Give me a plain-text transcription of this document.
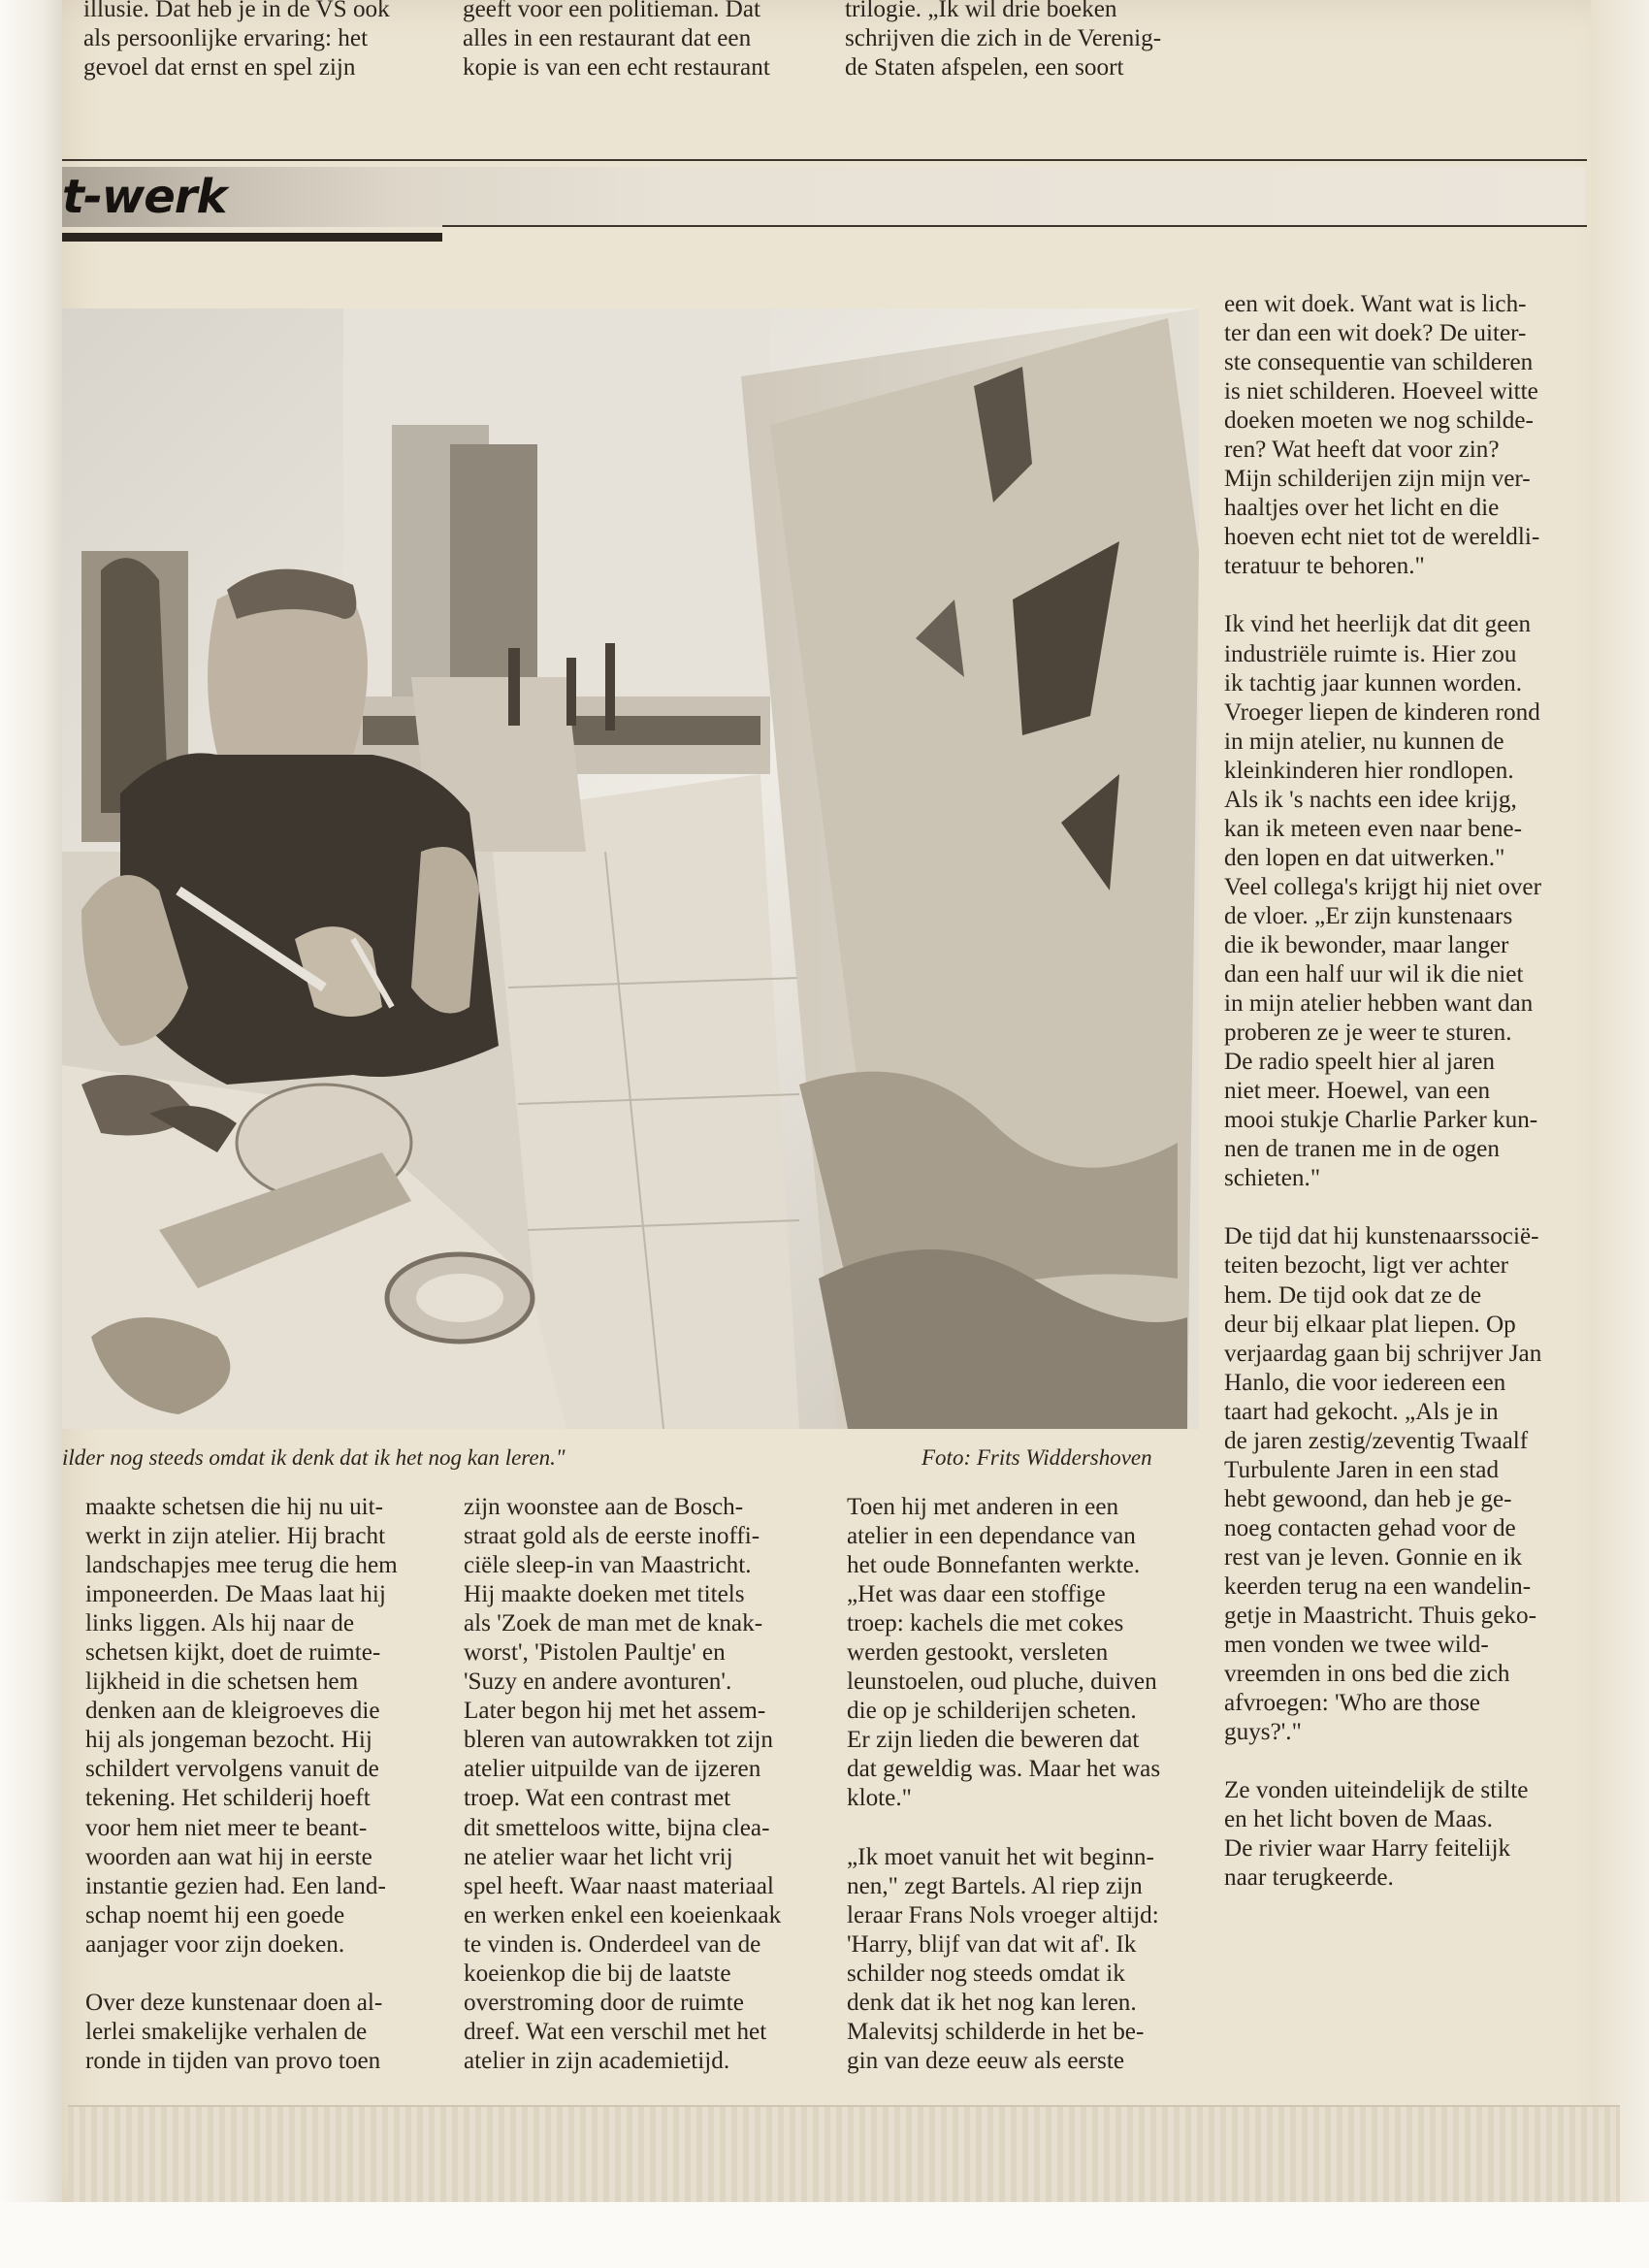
illusie. Dat heb je in de VS ook
als persoonlijke ervaring: het
gevoel dat ernst en spel zijn
geeft voor een politieman. Dat
alles in een restaurant dat een
kopie is van een echt restaurant
trilogie. „Ik wil drie boeken
schrijven die zich in de Verenig-
de Staten afspelen, een soort
t-werk
ilder nog steeds omdat ik denk dat ik het nog kan leren."	Foto: Frits Widdershoven
een wit doek. Want wat is lich-
ter dan een wit doek? De uiter-
ste consequentie van schilderen
is niet schilderen. Hoeveel witte
doeken moeten we nog schilde-
ren? Wat heeft dat voor zin?
Mijn schilderijen zijn mijn ver-
haaltjes over het licht en die
hoeven echt niet tot de wereldli-
teratuur te behoren."
Ik vind het heerlijk dat dit geen
industriële ruimte is. Hier zou
ik tachtig jaar kunnen worden.
Vroeger liepen de kinderen rond
in mijn atelier, nu kunnen de
kleinkinderen hier rondlopen.
Als ik 's nachts een idee krijg,
kan ik meteen even naar bene-
den lopen en dat uitwerken."
Veel collega's krijgt hij niet over
de vloer. „Er zijn kunstenaars
die ik bewonder, maar langer
dan een half uur wil ik die niet
in mijn atelier hebben want dan
proberen ze je weer te sturen.
De radio speelt hier al jaren
niet meer. Hoewel, van een
mooi stukje Charlie Parker kun-
nen de tranen me in de ogen
schieten."
De tijd dat hij kunstenaarssocië-
teiten bezocht, ligt ver achter
hem. De tijd ook dat ze de
deur bij elkaar plat liepen. Op
verjaardag gaan bij schrijver Jan
Hanlo, die voor iedereen een
taart had gekocht. „Als je in
de jaren zestig/zeventig Twaalf
Turbulente Jaren in een stad
hebt gewoond, dan heb je ge-
noeg contacten gehad voor de
rest van je leven. Gonnie en ik
keerden terug na een wandelin-
getje in Maastricht. Thuis geko-
men vonden we twee wild-
vreemden in ons bed die zich
afvroegen: 'Who are those
guys?'."
Ze vonden uiteindelijk de stilte
en het licht boven de Maas.
De rivier waar Harry feitelijk
naar terugkeerde.
maakte schetsen die hij nu uit-
werkt in zijn atelier. Hij bracht
landschapjes mee terug die hem
imponeerden. De Maas laat hij
links liggen. Als hij naar de
schetsen kijkt, doet de ruimte-
lijkheid in die schetsen hem
denken aan de kleigroeves die
hij als jongeman bezocht. Hij
schildert vervolgens vanuit de
tekening. Het schilderij hoeft
voor hem niet meer te beant-
woorden aan wat hij in eerste
instantie gezien had. Een land-
schap noemt hij een goede
aanjager voor zijn doeken.
Over deze kunstenaar doen al-
lerlei smakelijke verhalen de
ronde in tijden van provo toen
zijn woonstee aan de Bosch-
straat gold als de eerste inoffi-
ciële sleep-in van Maastricht.
Hij maakte doeken met titels
als 'Zoek de man met de knak-
worst', 'Pistolen Paultje' en
'Suzy en andere avonturen'.
Later begon hij met het assem-
bleren van autowrakken tot zijn
atelier uitpuilde van de ijzeren
troep. Wat een contrast met
dit smetteloos witte, bijna clea-
ne atelier waar het licht vrij
spel heeft. Waar naast materiaal
en werken enkel een koeienkaak
te vinden is. Onderdeel van de
koeienkop die bij de laatste
overstroming door de ruimte
dreef. Wat een verschil met het
atelier in zijn academietijd.
Toen hij met anderen in een
atelier in een dependance van
het oude Bonnefanten werkte.
„Het was daar een stoffige
troep: kachels die met cokes
werden gestookt, versleten
leunstoelen, oud pluche, duiven
die op je schilderijen scheten.
Er zijn lieden die beweren dat
dat geweldig was. Maar het was
klote."
„Ik moet vanuit het wit beginn-
nen," zegt Bartels. Al riep zijn
leraar Frans Nols vroeger altijd:
'Harry, blijf van dat wit af'. Ik
schilder nog steeds omdat ik
denk dat ik het nog kan leren.
Malevitsj schilderde in het be-
gin van deze eeuw als eerste
